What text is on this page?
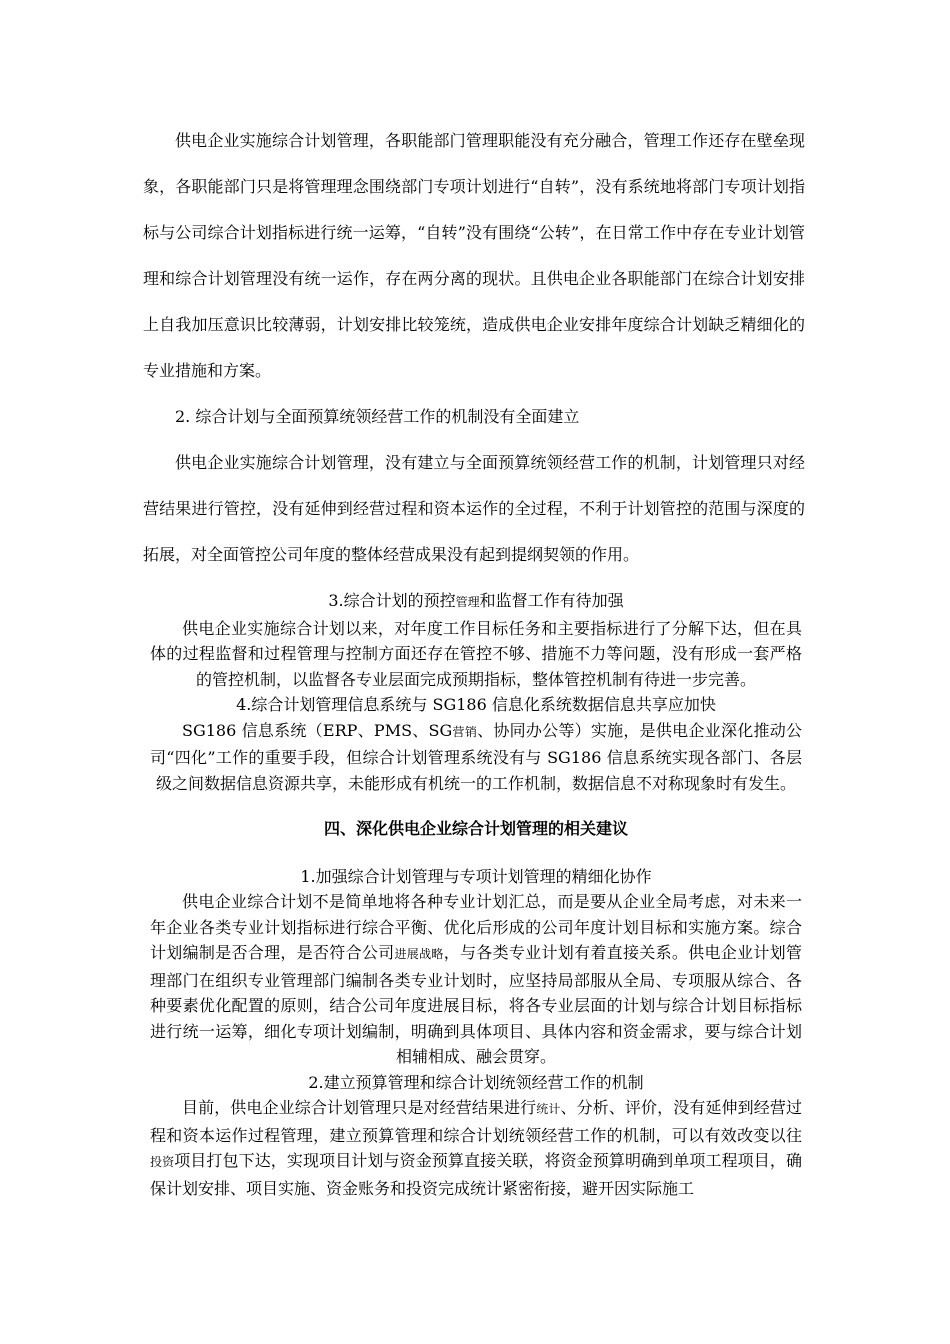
供电企业实施综合计划管理，各职能部门管理职能没有充分融合，管理工作还存在壁垒现象，各职能部门只是将管理理念围绕部门专项计划进行“自转”，没有系统地将部门专项计划指标与公司综合计划指标进行统一运筹，“自转”没有围绕“公转”，在日常工作中存在专业计划管理和综合计划管理没有统一运作，存在两分离的现状。且供电企业各职能部门在综合计划安排上自我加压意识比较薄弱，计划安排比较笼统，造成供电企业安排年度综合计划缺乏精细化的专业措施和方案。

2. 综合计划与全面预算统领经营工作的机制没有全面建立

供电企业实施综合计划管理，没有建立与全面预算统领经营工作的机制，计划管理只对经营结果进行管控，没有延伸到经营过程和资本运作的全过程，不利于计划管控的范围与深度的拓展，对全面管控公司年度的整体经营成果没有起到提纲契领的作用。

3.综合计划的预控管理和监督工作有待加强

供电企业实施综合计划以来，对年度工作目标任务和主要指标进行了分解下达，但在具体的过程监督和过程管理与控制方面还存在管控不够、措施不力等问题，没有形成一套严格的管控机制，以监督各专业层面完成预期指标，整体管控机制有待进一步完善。

4.综合计划管理信息系统与 SG186 信息化系统数据信息共享应加快

SG186 信息系统（ERP、PMS、SG营销、协同办公等）实施，是供电企业深化推动公司“四化”工作的重要手段，但综合计划管理系统没有与 SG186 信息系统实现各部门、各层级之间数据信息资源共享，未能形成有机统一的工作机制，数据信息不对称现象时有发生。

四、深化供电企业综合计划管理的相关建议

1.加强综合计划管理与专项计划管理的精细化协作

供电企业综合计划不是简单地将各种专业计划汇总，而是要从企业全局考虑，对未来一年企业各类专业计划指标进行综合平衡、优化后形成的公司年度计划目标和实施方案。综合计划编制是否合理，是否符合公司进展战略，与各类专业计划有着直接关系。供电企业计划管理部门在组织专业管理部门编制各类专业计划时，应坚持局部服从全局、专项服从综合、各种要素优化配置的原则，结合公司年度进展目标，将各专业层面的计划与综合计划目标指标进行统一运筹，细化专项计划编制，明确到具体项目、具体内容和资金需求，要与综合计划相辅相成、融会贯穿。

2.建立预算管理和综合计划统领经营工作的机制

目前，供电企业综合计划管理只是对经营结果进行统计、分析、评价，没有延伸到经营过程和资本运作过程管理，建立预算管理和综合计划统领经营工作的机制，可以有效改变以往投资项目打包下达，实现项目计划与资金预算直接关联，将资金预算明确到单项工程项目，确保计划安排、项目实施、资金账务和投资完成统计紧密衔接，避开因实际施工
